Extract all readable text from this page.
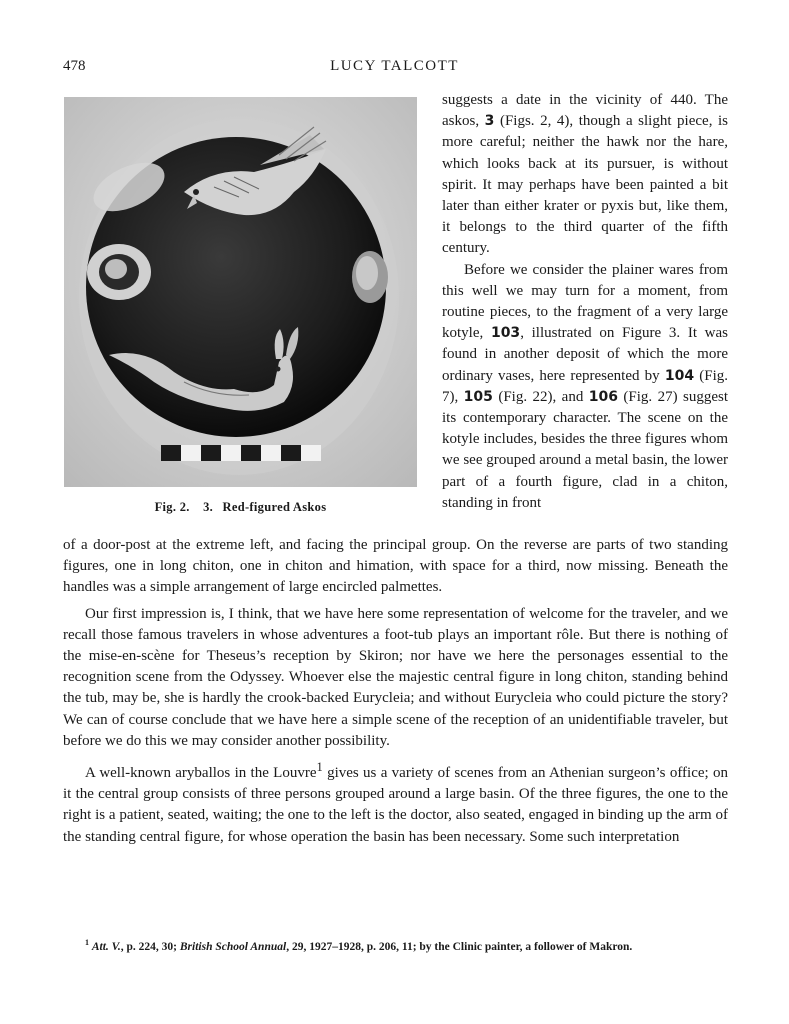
478	LUCY TALCOTT
Fig. 2. 3. Red-figured Askos

suggests a date in the vicinity of 440. The askos, 3 (Figs. 2, 4), though a slight piece, is more careful; neither the hawk nor the hare, which looks back at its pursuer, is without spirit. It may perhaps have been painted a bit later than either krater or pyxis but, like them, it belongs to the third quarter of the fifth century.

Before we consider the plainer wares from this well we may turn for a moment, from routine pieces, to the fragment of a very large kotyle, 103, illustrated on Figure 3. It was found in another deposit of which the more ordinary vases, here represented by 104 (Fig. 7), 105 (Fig. 22), and 106 (Fig. 27) suggest its contemporary character. The scene on the kotyle includes, besides the three figures whom we see grouped around a metal basin, the lower part of a fourth figure, clad in a chiton, standing in front

of a door-post at the extreme left, and facing the principal group. On the reverse are parts of two standing figures, one in long chiton, one in chiton and himation, with space for a third, now missing. Beneath the handles was a simple arrangement of large encircled palmettes.

Our first impression is, I think, that we have here some representation of welcome for the traveler, and we recall those famous travelers in whose adventures a foot-tub plays an important rôle. But there is nothing of the mise-en-scène for Theseus’s reception by Skiron; nor have we here the personages essential to the recognition scene from the Odyssey. Whoever else the majestic central figure in long chiton, standing behind the tub, may be, she is hardly the crook-backed Eurycleia; and without Eurycleia who could picture the story? We can of course conclude that we have here a simple scene of the reception of an unidentifiable traveler, but before we do this we may consider another possibility.

A well-known aryballos in the Louvre$^1$ gives us a variety of scenes from an Athenian surgeon’s office; on it the central group consists of three persons grouped around a large basin. Of the three figures, the one to the right is a patient, seated, waiting; the one to the left is the doctor, also seated, engaged in binding up the arm of the standing central figure, for whose operation the basin has been necessary. Some such interpretation

$^1$ Att. V., p. 224, 30; British School Annual, 29, 1927–1928, p. 206, 11; by the Clinic painter, a follower of Makron.
